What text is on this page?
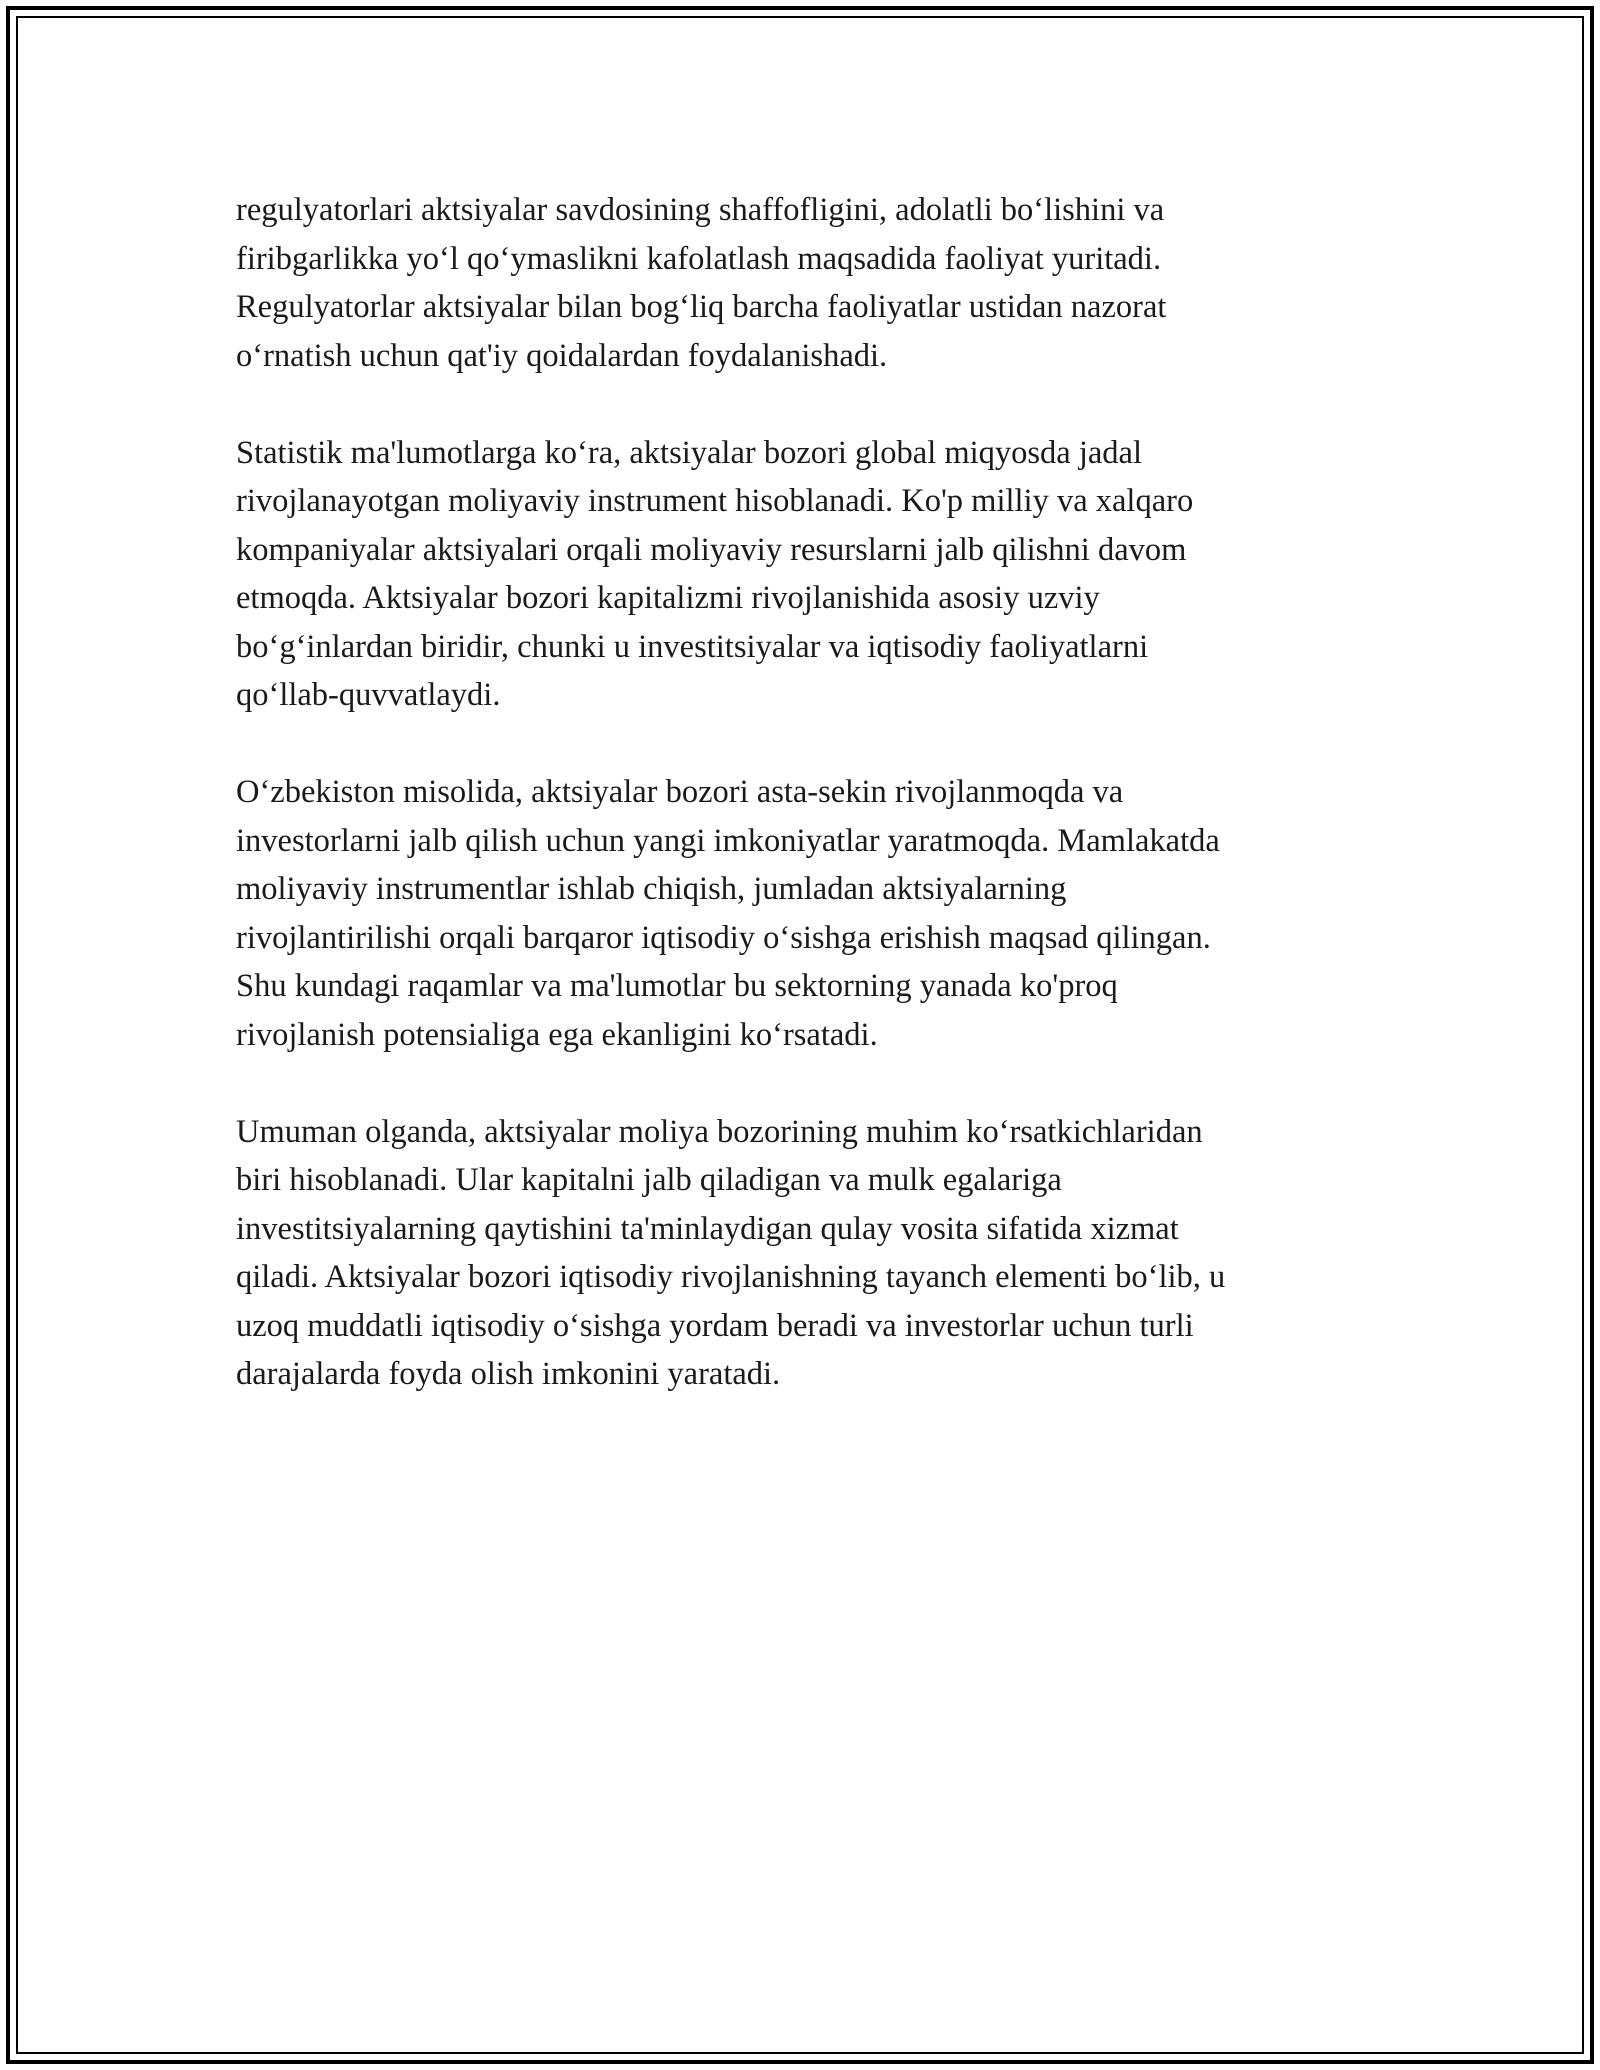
regulyatorlari aktsiyalar savdosining shaffofligini, adolatli bo‘lishini va
firibgarlikka yo‘l qo‘ymaslikni kafolatlash maqsadida faoliyat yuritadi.
Regulyatorlar aktsiyalar bilan bog‘liq barcha faoliyatlar ustidan nazorat
o‘rnatish uchun qat'iy qoidalardan foydalanishadi.

Statistik ma'lumotlarga ko‘ra, aktsiyalar bozori global miqyosda jadal
rivojlanayotgan moliyaviy instrument hisoblanadi. Ko'p milliy va xalqaro
kompaniyalar aktsiyalari orqali moliyaviy resurslarni jalb qilishni davom
etmoqda. Aktsiyalar bozori kapitalizmi rivojlanishida asosiy uzviy
bo‘g‘inlardan biridir, chunki u investitsiyalar va iqtisodiy faoliyatlarni
qo‘llab-quvvatlaydi.

O‘zbekiston misolida, aktsiyalar bozori asta-sekin rivojlanmoqda va
investorlarni jalb qilish uchun yangi imkoniyatlar yaratmoqda. Mamlakatda
moliyaviy instrumentlar ishlab chiqish, jumladan aktsiyalarning
rivojlantirilishi orqali barqaror iqtisodiy o‘sishga erishish maqsad qilingan.
Shu kundagi raqamlar va ma'lumotlar bu sektorning yanada ko'proq
rivojlanish potensialiga ega ekanligini ko‘rsatadi.

Umuman olganda, aktsiyalar moliya bozorining muhim ko‘rsatkichlaridan
biri hisoblanadi. Ular kapitalni jalb qiladigan va mulk egalariga
investitsiyalarning qaytishini ta'minlaydigan qulay vosita sifatida xizmat
qiladi. Aktsiyalar bozori iqtisodiy rivojlanishning tayanch elementi bo‘lib, u
uzoq muddatli iqtisodiy o‘sishga yordam beradi va investorlar uchun turli
darajalarda foyda olish imkonini yaratadi.
